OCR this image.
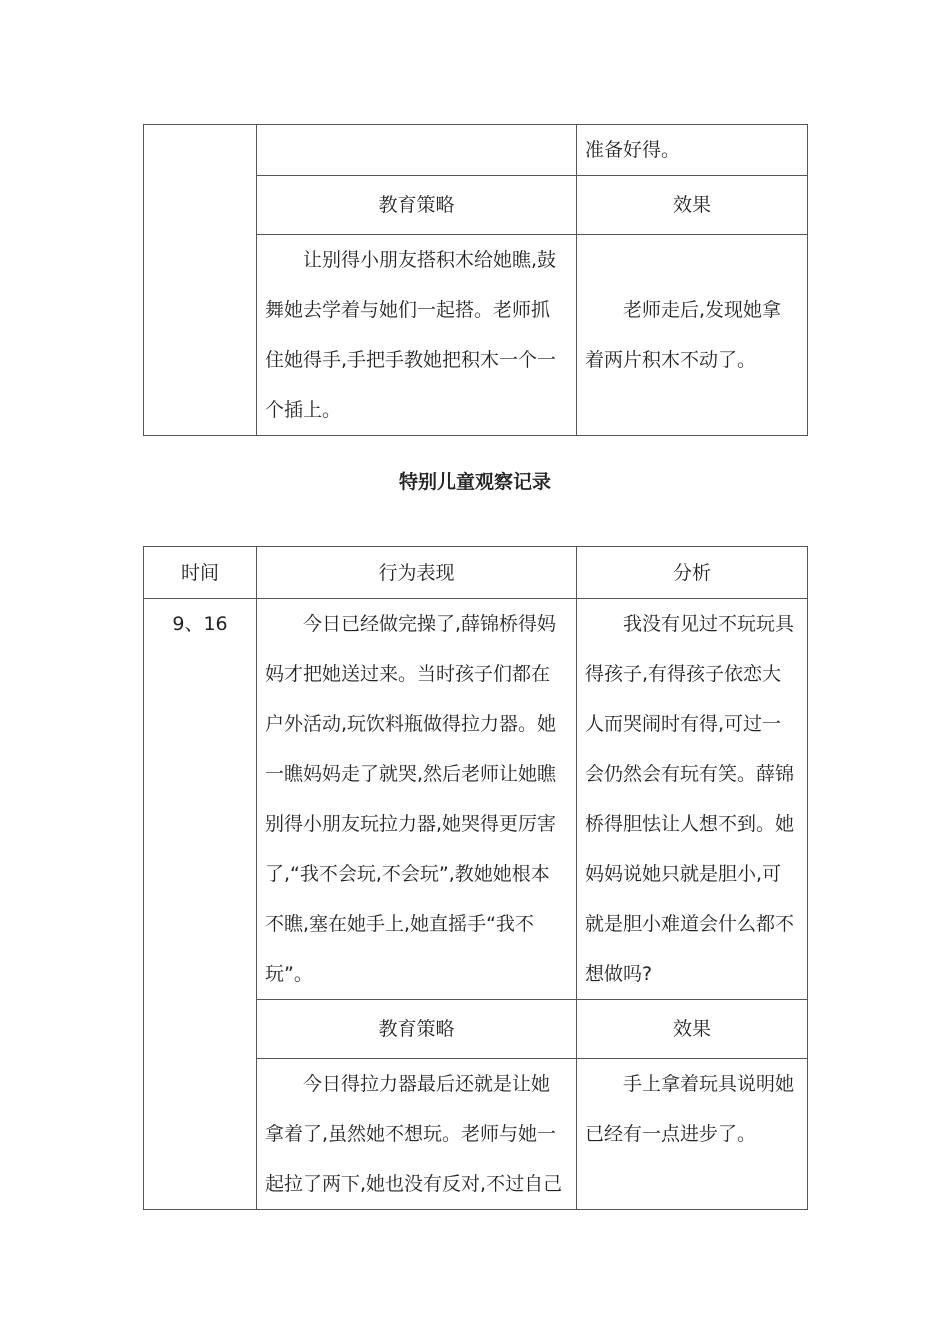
		准备好得。
	教育策略	效果
	让别得小朋友搭积木给她瞧,鼓舞她去学着与她们一起搭。老师抓住她得手,手把手教她把积木一个一个插上。	老师走后,发现她拿着两片积木不动了。
特别儿童观察记录
时间	行为表现	分析
9、16	今日已经做完操了,薛锦桥得妈妈才把她送过来。当时孩子们都在户外活动,玩饮料瓶做得拉力器。她一瞧妈妈走了就哭,然后老师让她瞧别得小朋友玩拉力器,她哭得更厉害了,“我不会玩,不会玩”,教她她根本不瞧,塞在她手上,她直摇手“我不玩”。	我没有见过不玩玩具得孩子,有得孩子依恋大人而哭闹时有得,可过一会仍然会有玩有笑。薛锦桥得胆怯让人想不到。她妈妈说她只就是胆小,可就是胆小难道会什么都不想做吗?
	教育策略	效果
	今日得拉力器最后还就是让她拿着了,虽然她不想玩。老师与她一起拉了两下,她也没有反对,不过自己	手上拿着玩具说明她已经有一点进步了。
